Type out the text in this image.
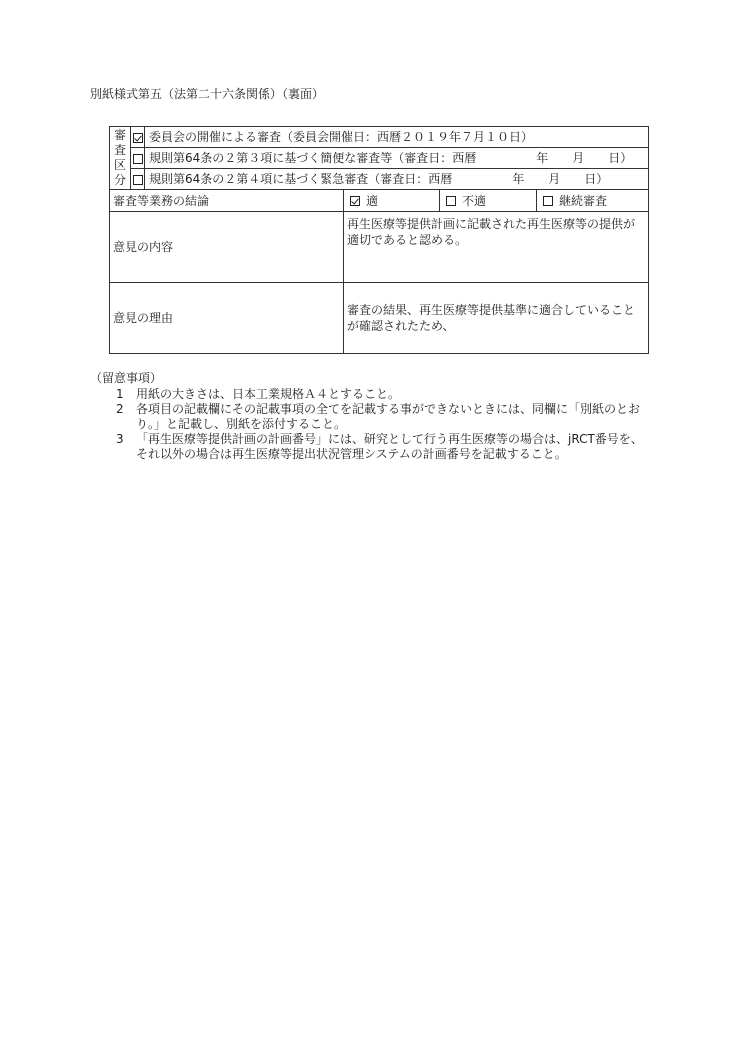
別紙様式第五（法第二十六条関係）（裏面）
審
査
区
分		委員会の開催による審査（委員会開催日：西暦２０１９年７月１０日）			
		規則第64条の２第３項に基づく簡便な審査等（審査日：西暦　　　　　年　　月　　日）			
		規則第64条の２第４項に基づく緊急審査（審査日：西暦　　　　　年　　月　　日）			
審査等業務の結論			適	不適	継続審査
意見の内容			再生医療等提供計画に記載された再生医療等の提供が適切であると認める。		
意見の理由			審査の結果、再生医療等提供基準に適合していることが確認されたため、		
（留意事項）
1	用紙の大きさは、日本工業規格Ａ４とすること。
2	各項目の記載欄にその記載事項の全てを記載する事ができないときには、同欄に「別紙のとおり。」と記載し、別紙を添付すること。
3	「再生医療等提供計画の計画番号」には、研究として行う再生医療等の場合は、jRCT番号を、それ以外の場合は再生医療等提出状況管理システムの計画番号を記載すること。
